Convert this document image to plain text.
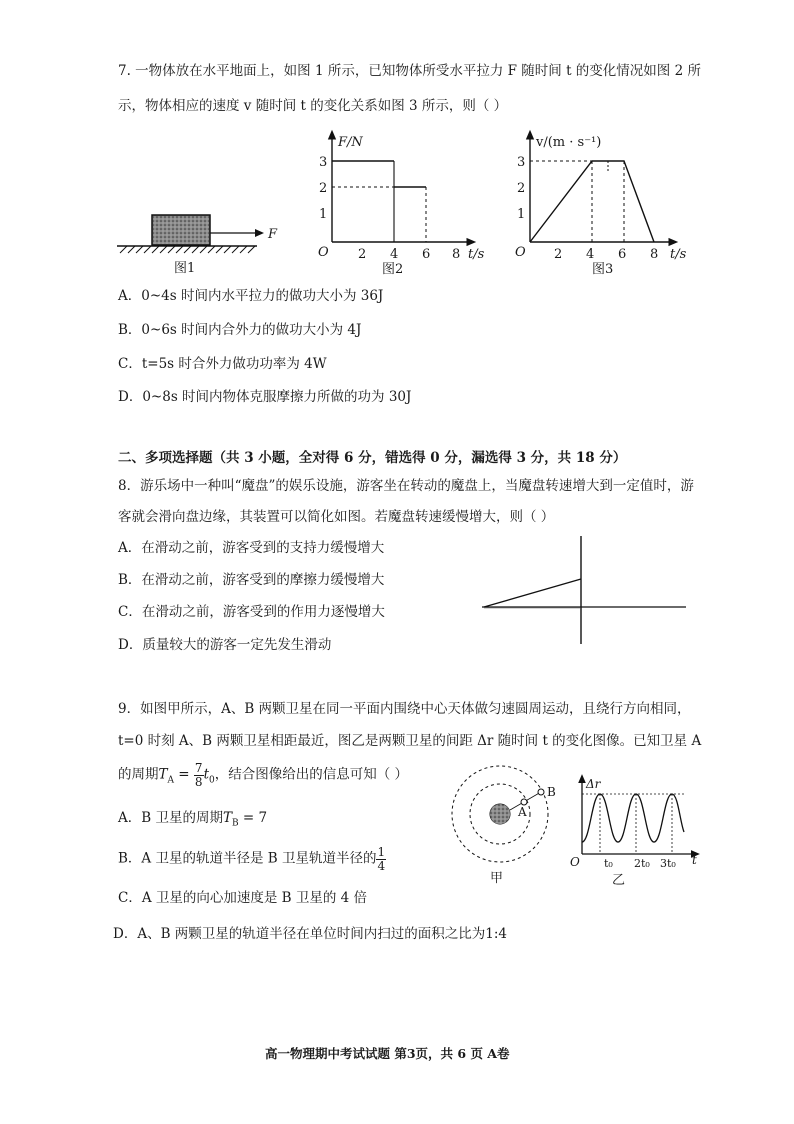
7. 一物体放在水平地面上，如图 1 所示，已知物体所受水平拉力 F 随时间 t 的变化情况如图 2 所
示，物体相应的速度 v 随时间 t 的变化关系如图 3 所示，则（ ）
F
图1
F/N
3
2
1
O 2 4 6 8 t/s
图2
v/(m · s⁻¹)
3
2
1
O 2 4 6 8 t/s
图3
A．0~4s 时间内水平拉力的做功大小为 36J
B．0~6s 时间内合外力的做功大小为 4J
C．t=5s 时合外力做功功率为 4W
D．0~8s 时间内物体克服摩擦力所做的功为 30J
二、多项选择题（共 3 小题，全对得 6 分，错选得 0 分，漏选得 3 分，共 18 分）
8．游乐场中一种叫“魔盘”的娱乐设施，游客坐在转动的魔盘上，当魔盘转速增大到一定值时，游
客就会滑向盘边缘，其装置可以简化如图。若魔盘转速缓慢增大，则（ ）
A．在滑动之前，游客受到的支持力缓慢增大
B．在滑动之前，游客受到的摩擦力缓慢增大
C．在滑动之前，游客受到的作用力逐慢增大
D．质量较大的游客一定先发生滑动
9．如图甲所示，A、B 两颗卫星在同一平面内围绕中心天体做匀速圆周运动，且绕行方向相同，
t=0 时刻 A、B 两颗卫星相距最近，图乙是两颗卫星的间距 Δr 随时间 t 的变化图像。已知卫星 A
的周期$T_A = \frac{7}{8} t_0$，结合图像给出的信息可知（ ）
A．B 卫星的周期$T_B = 7$
B．A 卫星的轨道半径是 B 卫星轨道半径的 $\frac{1}{4}$
C．A 卫星的向心加速度是 B 卫星的 4 倍
D．A、B 两颗卫星的轨道半径在单位时间内扫过的面积之比为1:4
A
B
甲
Δr
O t₀ 2t₀ 3t₀ t
乙
高一物理期中考试试题 第3页，共 6 页 A卷
